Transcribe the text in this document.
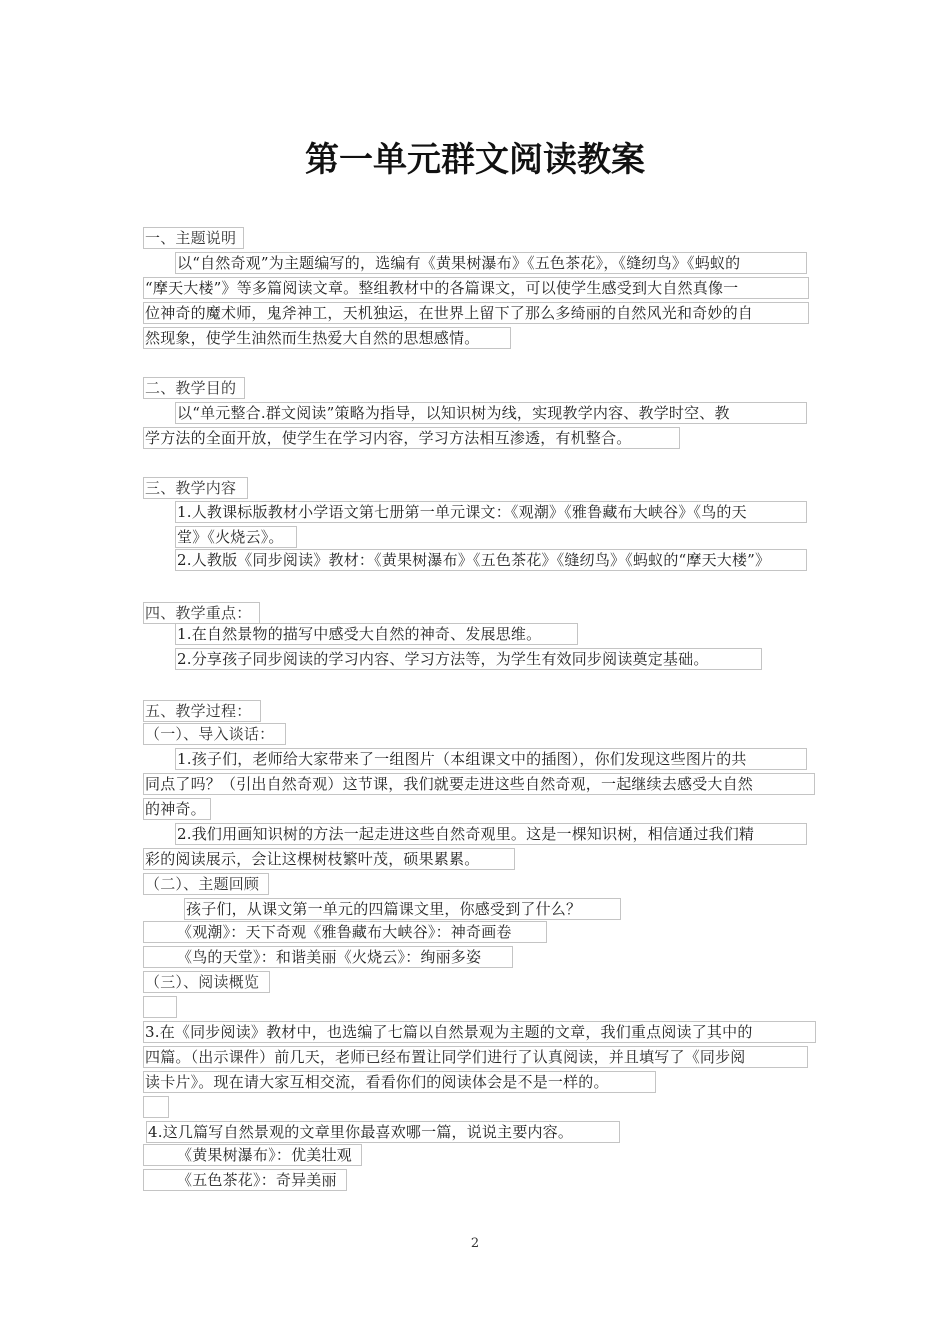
第一单元群文阅读教案
一、主题说明
以“自然奇观”为主题编写的，选编有《黄果树瀑布》《五色茶花》，《缝纫鸟》《蚂蚁的
“摩天大楼”》等多篇阅读文章。整组教材中的各篇课文，可以使学生感受到大自然真像一
位神奇的魔术师，鬼斧神工，天机独运，在世界上留下了那么多绮丽的自然风光和奇妙的自
然现象，使学生油然而生热爱大自然的思想感情。
二、教学目的
以“单元整合.群文阅读”策略为指导，以知识树为线，实现教学内容、教学时空、教
学方法的全面开放，使学生在学习内容，学习方法相互渗透，有机整合。
三、教学内容
1.人教课标版教材小学语文第七册第一单元课文：《观潮》《雅鲁藏布大峡谷》《鸟的天
堂》《火烧云》。
2.人教版《同步阅读》教材：《黄果树瀑布》《五色茶花》《缝纫鸟》《蚂蚁的“摩天大楼”》
四、教学重点：
1.在自然景物的描写中感受大自然的神奇、发展思维。
2.分享孩子同步阅读的学习内容、学习方法等，为学生有效同步阅读奠定基础。
五、教学过程：
（一）、导入谈话：
1.孩子们，老师给大家带来了一组图片（本组课文中的插图），你们发现这些图片的共
同点了吗？（引出自然奇观）这节课，我们就要走进这些自然奇观，一起继续去感受大自然
的神奇。
2.我们用画知识树的方法一起走进这些自然奇观里。这是一棵知识树，相信通过我们精
彩的阅读展示，会让这棵树枝繁叶茂，硕果累累。
（二）、主题回顾
孩子们，从课文第一单元的四篇课文里，你感受到了什么？
《观潮》：天下奇观《雅鲁藏布大峡谷》：神奇画卷
《鸟的天堂》：和谐美丽《火烧云》：绚丽多姿
（三）、阅读概览
3.在《同步阅读》教材中，也选编了七篇以自然景观为主题的文章，我们重点阅读了其中的
四篇。（出示课件）前几天，老师已经布置让同学们进行了认真阅读，并且填写了《同步阅
读卡片》。现在请大家互相交流，看看你们的阅读体会是不是一样的。
4.这几篇写自然景观的文章里你最喜欢哪一篇，说说主要内容。
《黄果树瀑布》：优美壮观
《五色茶花》：奇异美丽
2
